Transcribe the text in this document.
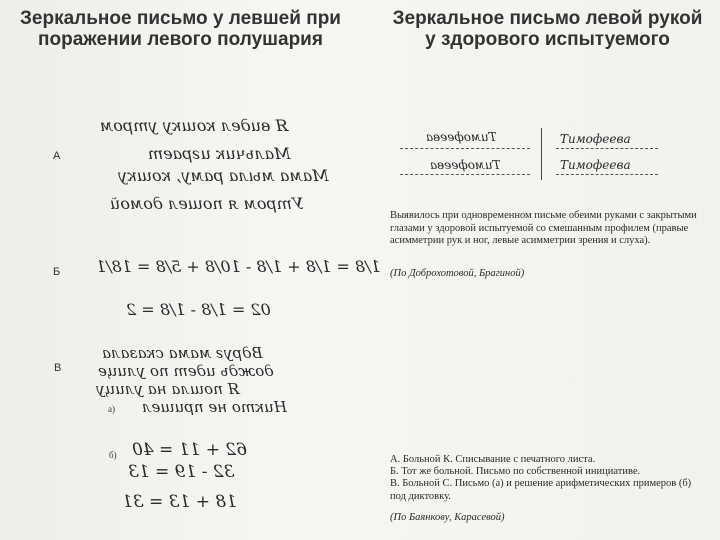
Зеркальное письмо у левшей при поражении левого полушария
Зеркальное письмо левой рукой у здорового испытуемого
А
Б
В
а)
б)
Я видел кошку утром
Мальчик играет
Мама мыла раму, кошку
Утром я пошел домой
1/8 = 1/8 + 1/8 - 10/8 + 5/8 = 18/1
02 = 1/8 - 1/8 = 2
Вдруг мама сказала
дождь идет по улице
Я пошла на улицу
Никто не пришел
62 + 11 = 40
32 - 19 = 13
18 + 13 = 31
Тимофеева
Тимофеева
Тимофеева
Тимофеева
Выявилось при одновременном письме обеими руками с закрытыми глазами у здоровой испытуемой со смешанным профилем (правые асимметрии рук и ног, левые асимметрии зрения и слуха).
(По Доброхотовой, Брагиной)
А. Больной К. Списывание с печатного листа.
Б. Тот же больной. Письмо по собственной инициативе.
В. Больной С. Письмо (а) и решение арифметических примеров (б) под диктовку.
(По Баянкову, Карасевой)
